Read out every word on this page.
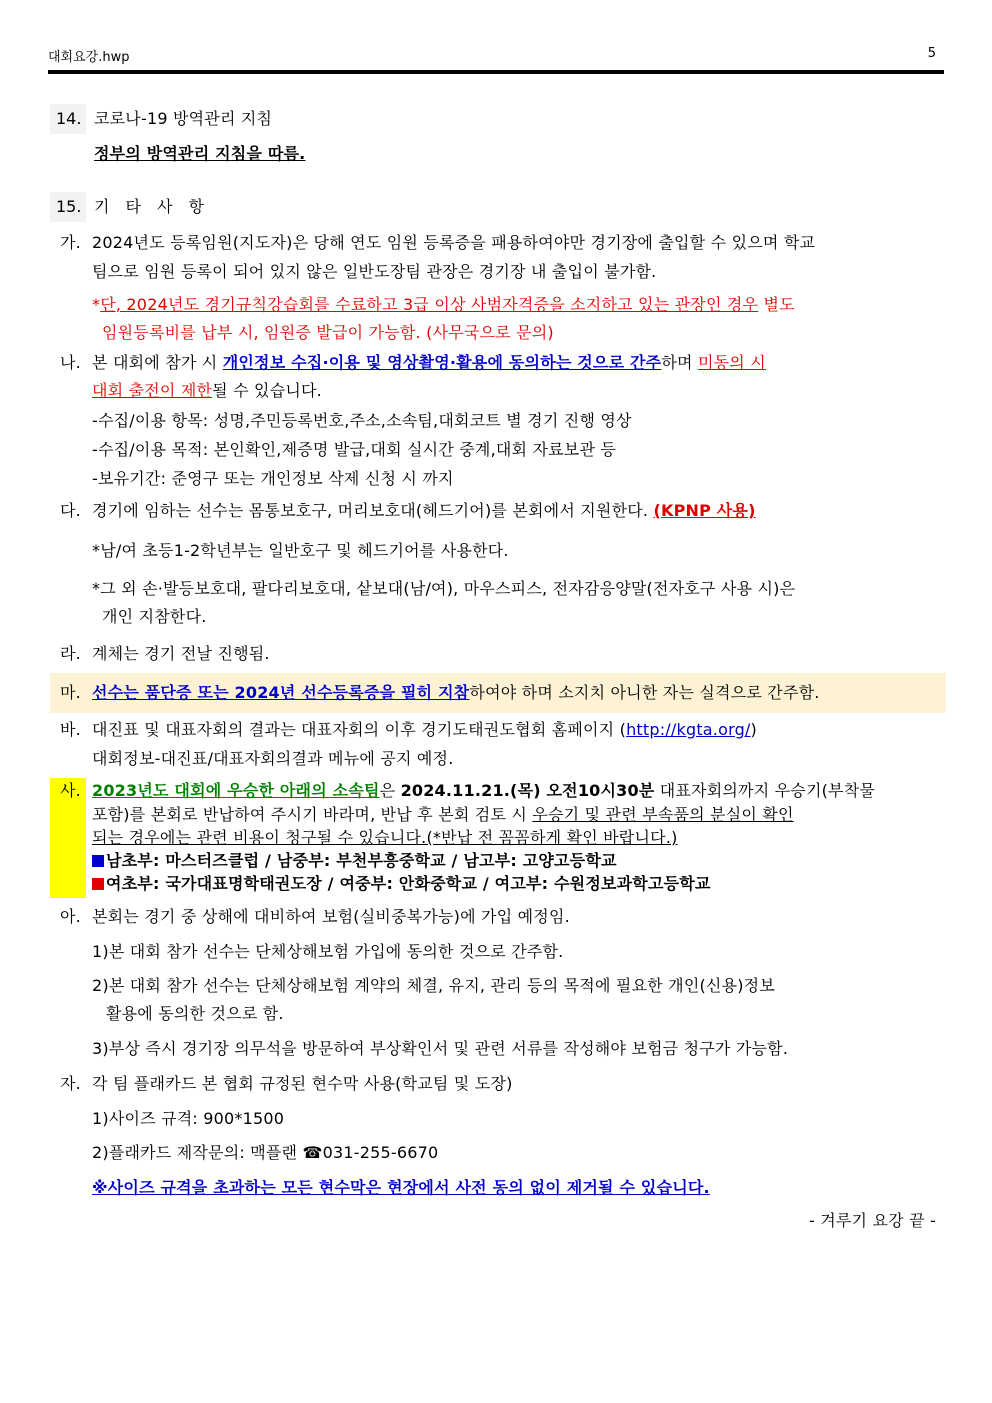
대회요강.hwp	5
14. 코로나-19 방역관리 지침
정부의 방역관리 지침을 따름.
15. 기   타   사   항
가. 2024년도 등록임원(지도자)은 당해 연도 임원 등록증을 패용하여야만 경기장에 출입할 수 있으며 학교
팀으로 임원 등록이 되어 있지 않은 일반도장팀 관장은 경기장 내 출입이 불가함.
*단, 2024년도 경기규칙강습회를 수료하고 3급 이상 사범자격증을 소지하고 있는 관장인 경우 별도
임원등록비를 납부 시, 임원증 발급이 가능함. (사무국으로 문의)
나. 본 대회에 참가 시 개인정보 수집·이용 및 영상촬영·활용에 동의하는 것으로 간주하며 미동의 시
대회 출전이 제한될 수 있습니다.
-수집/이용 항목: 성명,주민등록번호,주소,소속팀,대회코트 별 경기 진행 영상
-수집/이용 목적: 본인확인,제증명 발급,대회 실시간 중계,대회 자료보관 등
-보유기간: 준영구 또는 개인정보 삭제 신청 시 까지
다. 경기에 임하는 선수는 몸통보호구, 머리보호대(헤드기어)를 본회에서 지원한다. (KPNP 사용)
*남/여 초등1-2학년부는 일반호구 및 헤드기어를 사용한다.
*그 외 손·발등보호대, 팔다리보호대, 샅보대(남/여), 마우스피스, 전자감응양말(전자호구 사용 시)은
개인 지참한다.
라. 계체는 경기 전날 진행됨.
마. 선수는 품단증 또는 2024년 선수등록증을 필히 지참하여야 하며 소지치 아니한 자는 실격으로 간주함.
바. 대진표 및 대표자회의 결과는 대표자회의 이후 경기도태권도협회 홈페이지 (http://kgta.org/)
대회정보-대진표/대표자회의결과 메뉴에 공지 예정.
사. 2023년도 대회에 우승한 아래의 소속팀은 2024.11.21.(목) 오전10시30분 대표자회의까지 우승기(부착물
포함)를 본회로 반납하여 주시기 바라며, 반납 후 본회 검토 시 우승기 및 관련 부속품의 분실이 확인
되는 경우에는 관련 비용이 청구될 수 있습니다.(*반납 전 꼼꼼하게 확인 바랍니다.)
남초부: 마스터즈클럽 / 남중부: 부천부흥중학교 / 남고부: 고양고등학교
여초부: 국가대표명학태권도장 / 여중부: 안화중학교 / 여고부: 수원정보과학고등학교
아. 본회는 경기 중 상해에 대비하여 보험(실비중복가능)에 가입 예정임.
1)본 대회 참가 선수는 단체상해보험 가입에 동의한 것으로 간주함.
2)본 대회 참가 선수는 단체상해보험 계약의 체결, 유지, 관리 등의 목적에 필요한 개인(신용)정보
활용에 동의한 것으로 함.
3)부상 즉시 경기장 의무석을 방문하여 부상확인서 및 관련 서류를 작성해야 보험금 청구가 가능함.
자. 각 팀 플래카드 본 협회 규정된 현수막 사용(학교팀 및 도장)
1)사이즈 규격: 900*1500
2)플래카드 제작문의: 맥플랜 ☎031-255-6670
※사이즈 규격을 초과하는 모든 현수막은 현장에서 사전 동의 없이 제거될 수 있습니다.
- 겨루기 요강 끝 -
